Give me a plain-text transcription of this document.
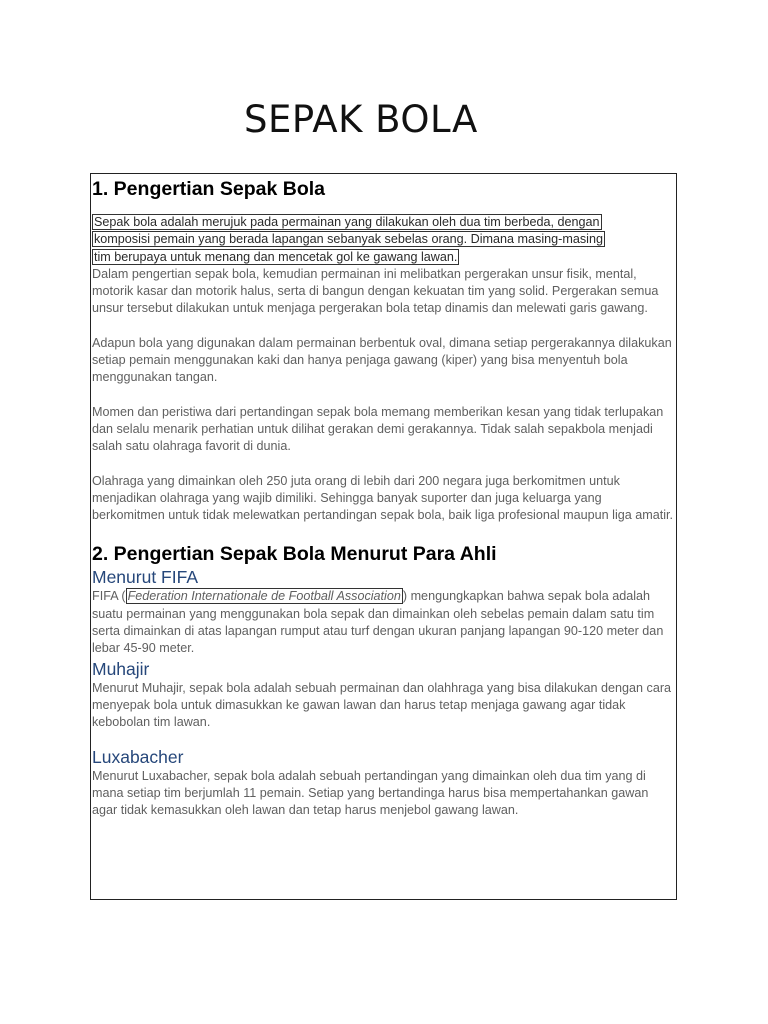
SEPAK BOLA
1. Pengertian Sepak Bola

Sepak bola adalah merujuk pada permainan yang dilakukan oleh dua tim berbeda, dengan
komposisi pemain yang berada lapangan sebanyak sebelas orang. Dimana masing-masing
tim berupaya untuk menang dan mencetak gol ke gawang lawan.

Dalam pengertian sepak bola, kemudian permainan ini melibatkan pergerakan unsur fisik, mental, motorik kasar dan motorik halus, serta di bangun dengan kekuatan tim yang solid. Pergerakan semua unsur tersebut dilakukan untuk menjaga pergerakan bola tetap dinamis dan melewati garis gawang.

Adapun bola yang digunakan dalam permainan berbentuk oval, dimana setiap pergerakannya dilakukan setiap pemain menggunakan kaki dan hanya penjaga gawang (kiper) yang bisa menyentuh bola menggunakan tangan.

Momen dan peristiwa dari pertandingan sepak bola memang memberikan kesan yang tidak terlupakan dan selalu menarik perhatian untuk dilihat gerakan demi gerakannya. Tidak salah sepakbola menjadi salah satu olahraga favorit di dunia.

Olahraga yang dimainkan oleh 250 juta orang di lebih dari 200 negara juga berkomitmen untuk menjadikan olahraga yang wajib dimiliki. Sehingga banyak suporter dan juga keluarga yang berkomitmen untuk tidak melewatkan pertandingan sepak bola, baik liga profesional maupun liga amatir.

2. Pengertian Sepak Bola Menurut Para Ahli
Menurut FIFA

FIFA ( Federation Internationale de Football Association ) mengungkapkan bahwa sepak bola adalah suatu permainan yang menggunakan bola sepak dan dimainkan oleh sebelas pemain dalam satu tim serta dimainkan di atas lapangan rumput atau turf dengan ukuran panjang lapangan 90-120 meter dan lebar 45-90 meter.

Muhajir

Menurut Muhajir, sepak bola adalah sebuah permainan dan olahhraga yang bisa dilakukan dengan cara menyepak bola untuk dimasukkan ke gawan lawan dan harus tetap menjaga gawang agar tidak kebobolan tim lawan.

Luxabacher

Menurut Luxabacher, sepak bola adalah sebuah pertandingan yang dimainkan oleh dua tim yang di mana setiap tim berjumlah 11 pemain. Setiap yang bertandinga harus bisa mempertahankan gawan agar tidak kemasukkan oleh lawan dan tetap harus menjebol gawang lawan.
